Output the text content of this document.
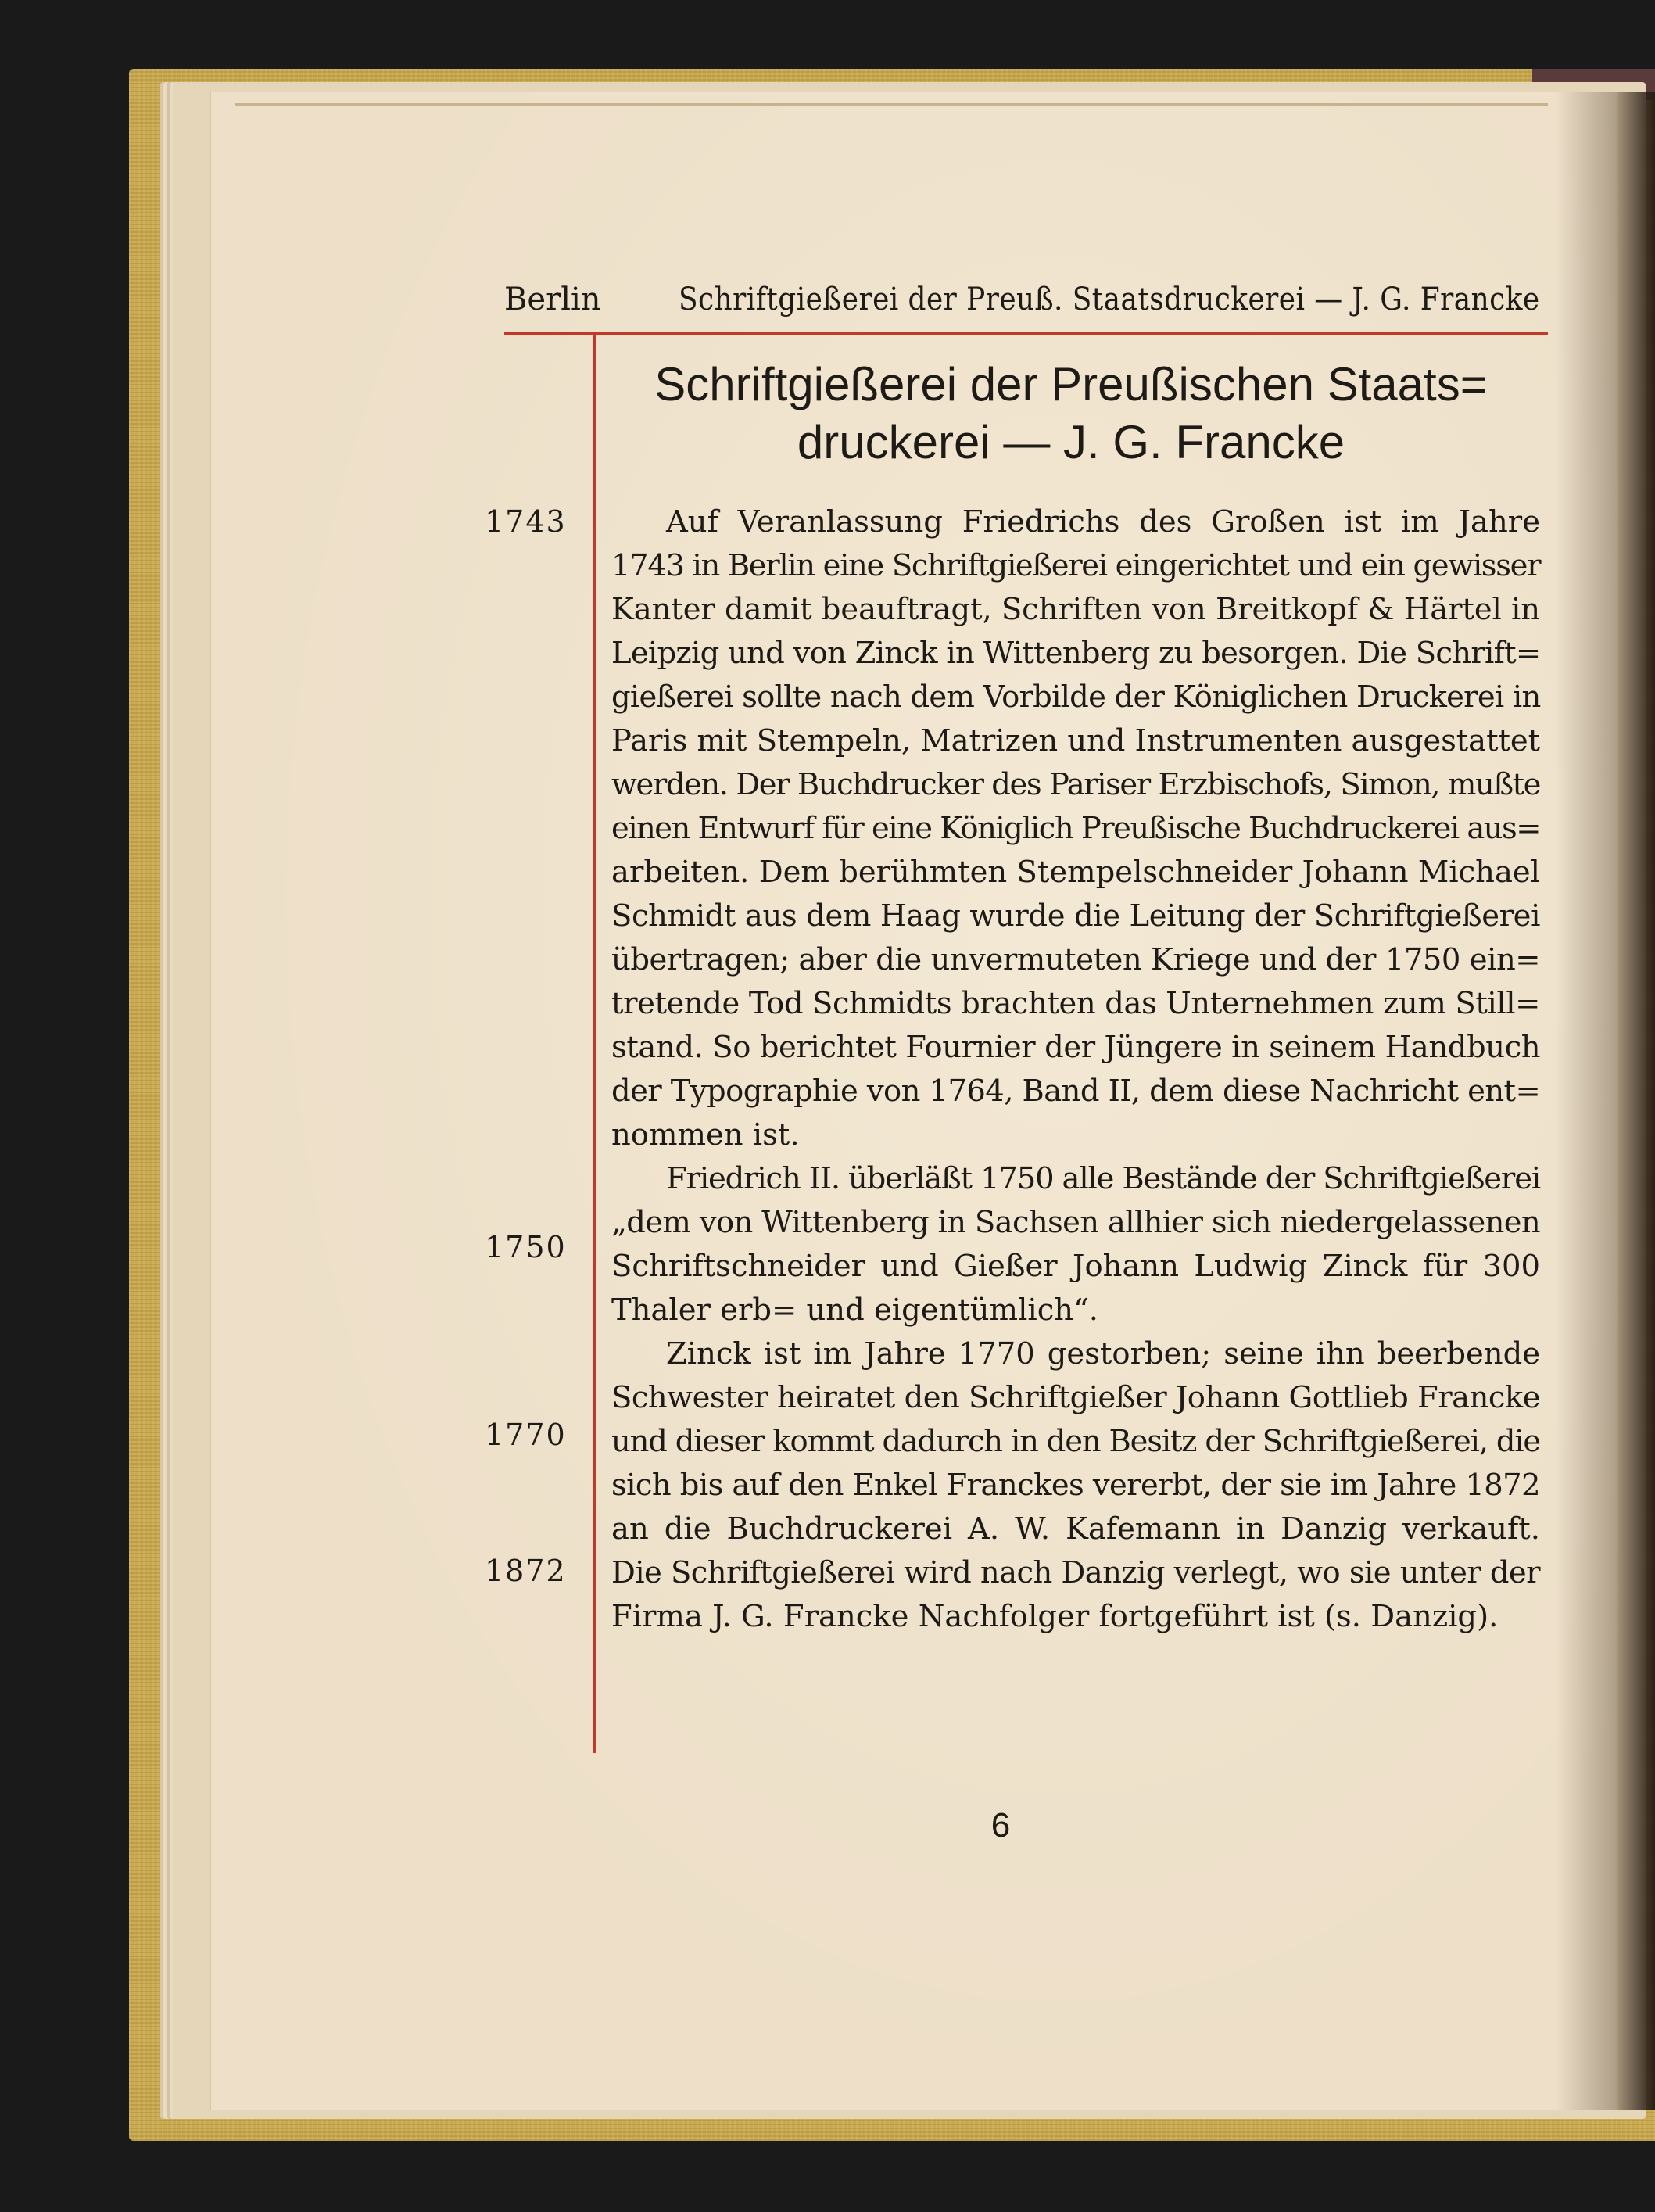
Berlin Schriftgießerei der Preuß. Staatsdruckerei — J. G. Francke
Schriftgießerei der Preußischen Staats=
druckerei — J. G. Francke
1743
1750
1770
1872
Auf Veranlassung Friedrichs des Großen ist im Jahre
1743 in Berlin eine Schriftgießerei eingerichtet und ein gewisser
Kanter damit beauftragt, Schriften von Breitkopf & Härtel in
Leipzig und von Zinck in Wittenberg zu besorgen. Die Schrift=
gießerei sollte nach dem Vorbilde der Königlichen Druckerei in
Paris mit Stempeln, Matrizen und Instrumenten ausgestattet
werden. Der Buchdrucker des Pariser Erzbischofs, Simon, mußte
einen Entwurf für eine Königlich Preußische Buchdruckerei aus=
arbeiten. Dem berühmten Stempelschneider Johann Michael
Schmidt aus dem Haag wurde die Leitung der Schriftgießerei
übertragen; aber die unvermuteten Kriege und der 1750 ein=
tretende Tod Schmidts brachten das Unternehmen zum Still=
stand. So berichtet Fournier der Jüngere in seinem Handbuch
der Typographie von 1764, Band II, dem diese Nachricht ent=
nommen ist.
Friedrich II. überläßt 1750 alle Bestände der Schriftgießerei
„dem von Wittenberg in Sachsen allhier sich niedergelassenen
Schriftschneider und Gießer Johann Ludwig Zinck für 300
Thaler erb= und eigentümlich“.
Zinck ist im Jahre 1770 gestorben; seine ihn beerbende
Schwester heiratet den Schriftgießer Johann Gottlieb Francke
und dieser kommt dadurch in den Besitz der Schriftgießerei, die
sich bis auf den Enkel Franckes vererbt, der sie im Jahre 1872
an die Buchdruckerei A. W. Kafemann in Danzig verkauft.
Die Schriftgießerei wird nach Danzig verlegt, wo sie unter der
Firma J. G. Francke Nachfolger fortgeführt ist (s. Danzig).
6
